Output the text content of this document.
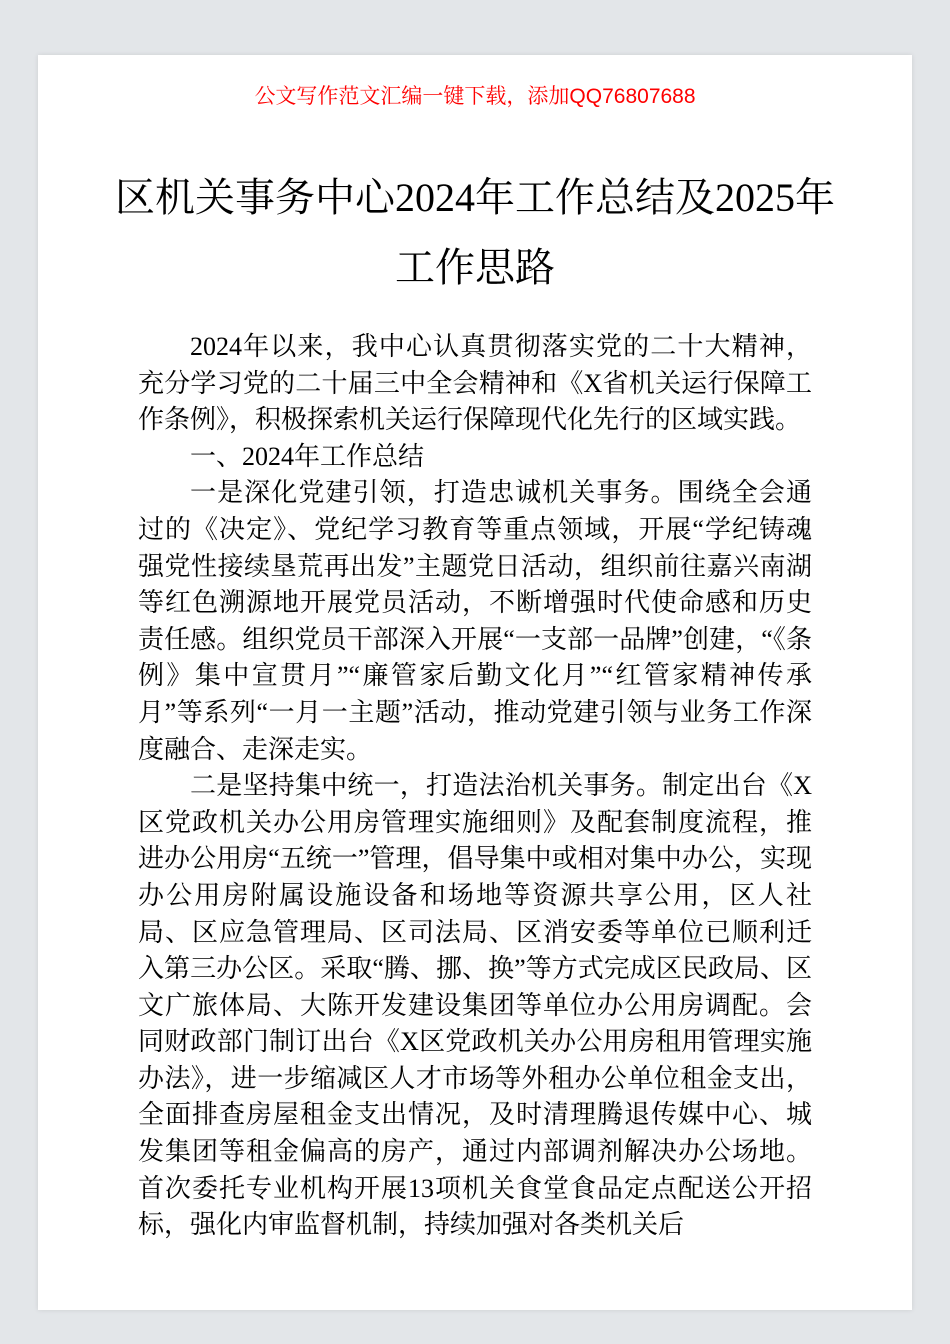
公文写作范文汇编一键下载，添加QQ76807688
区机关事务中心2024年工作总结及2025年工作思路

2024年以来，我中心认真贯彻落实党的二十大精神，充分学习党的二十届三中全会精神和《X省机关运行保障工作条例》，积极探索机关运行保障现代化先行的区域实践。

一、2024年工作总结

一是深化党建引领，打造忠诚机关事务。围绕全会通过的《决定》、党纪学习教育等重点领域，开展“学纪铸魂强党性接续垦荒再出发”主题党日活动，组织前往嘉兴南湖等红色溯源地开展党员活动，不断增强时代使命感和历史责任感。组织党员干部深入开展“一支部一品牌”创建，“《条例》集中宣贯月”“廉管家后勤文化月”“红管家精神传承月”等系列“一月一主题”活动，推动党建引领与业务工作深度融合、走深走实。

二是坚持集中统一，打造法治机关事务。制定出台《X区党政机关办公用房管理实施细则》及配套制度流程，推进办公用房“五统一”管理，倡导集中或相对集中办公，实现办公用房附属设施设备和场地等资源共享公用，区人社局、区应急管理局、区司法局、区消安委等单位已顺利迁入第三办公区。采取“腾、挪、换”等方式完成区民政局、区文广旅体局、大陈开发建设集团等单位办公用房调配。会同财政部门制订出台《X区党政机关办公用房租用管理实施办法》，进一步缩减区人才市场等外租办公单位租金支出，全面排查房屋租金支出情况，及时清理腾退传媒中心、城发集团等租金偏高的房产，通过内部调剂解决办公场地。首次委托专业机构开展13项机关食堂食品定点配送公开招标，强化内审监督机制，持续加强对各类机关后
